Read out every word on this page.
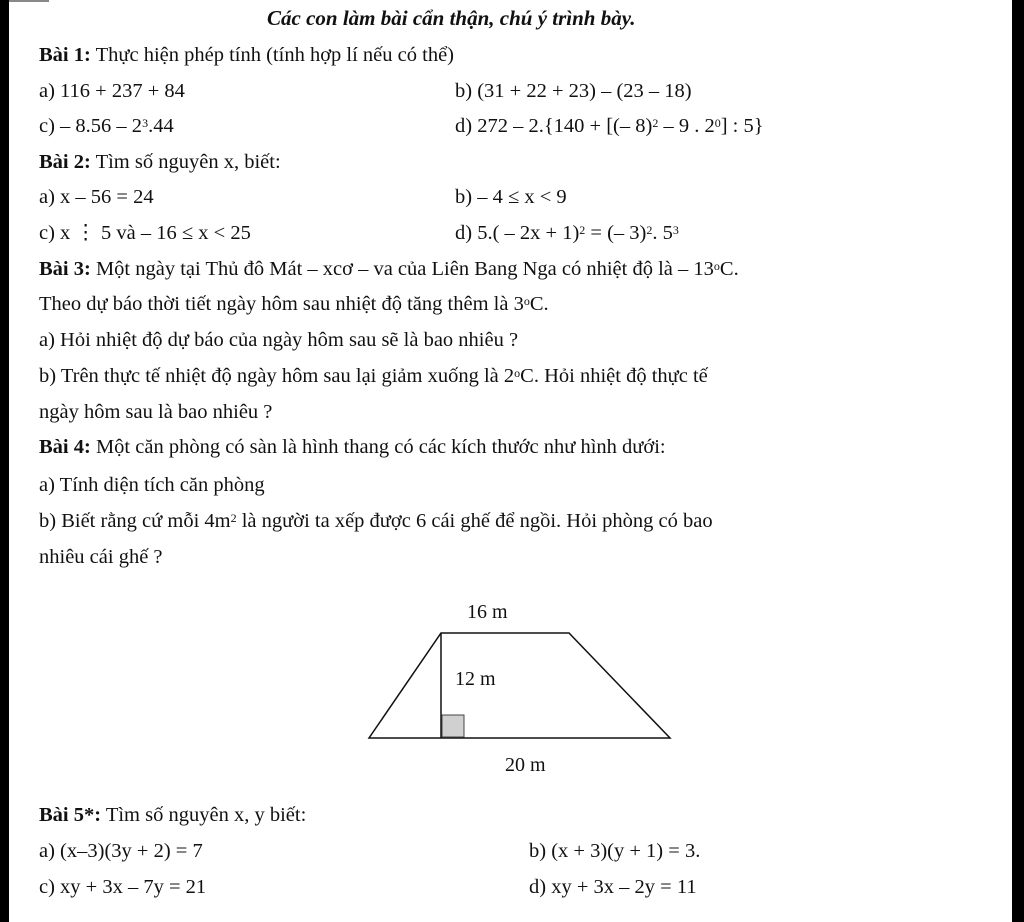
Các con làm bài cẩn thận, chú ý trình bày.
Bài 1: Thực hiện phép tính (tính hợp lí nếu có thể)
a) 116 + 237 + 84	b) (31 + 22 + 23) – (23 – 18)
$c) - 8.56 - 2^3.44$	d) 272 – 2.{140 + [(– 8)$^2$ – 9 . $2^0$] : 5}
Bài 2: Tìm số nguyên x, biết:
a) x – 56 = 24	b) – 4 ≤ x < 9
c) x ⋮ 5 và – 16 ≤ x < 25	d) $5.( - 2x + 1)^2$ = (– 3)$^2$. $5^3$
Bài 3: Một ngày tại Thủ đô Mát – xcơ – va của Liên Bang Nga có nhiệt độ là – 13$^o$C.
Theo dự báo thời tiết ngày hôm sau nhiệt độ tăng thêm là 3$^o$C.
a) Hỏi nhiệt độ dự báo của ngày hôm sau sẽ là bao nhiêu ?
b) Trên thực tế nhiệt độ ngày hôm sau lại giảm xuống là 2$^o$C. Hỏi nhiệt độ thực tế
ngày hôm sau là bao nhiêu ?
Bài 4: Một căn phòng có sàn là hình thang có các kích thước như hình dưới:
a) Tính diện tích căn phòng
b) Biết rằng cứ mỗi $4m^2$ là người ta xếp được 6 cái ghế để ngồi. Hỏi phòng có bao
nhiêu cái ghế ?
16 m
12 m
20 m
Bài 5*: Tìm số nguyên x, y biết:
a) (x–3)(3y + 2) = 7	b) (x + 3)(y + 1) = 3.
c) xy + 3x – 7y = 21	d) xy + 3x – 2y = 11
